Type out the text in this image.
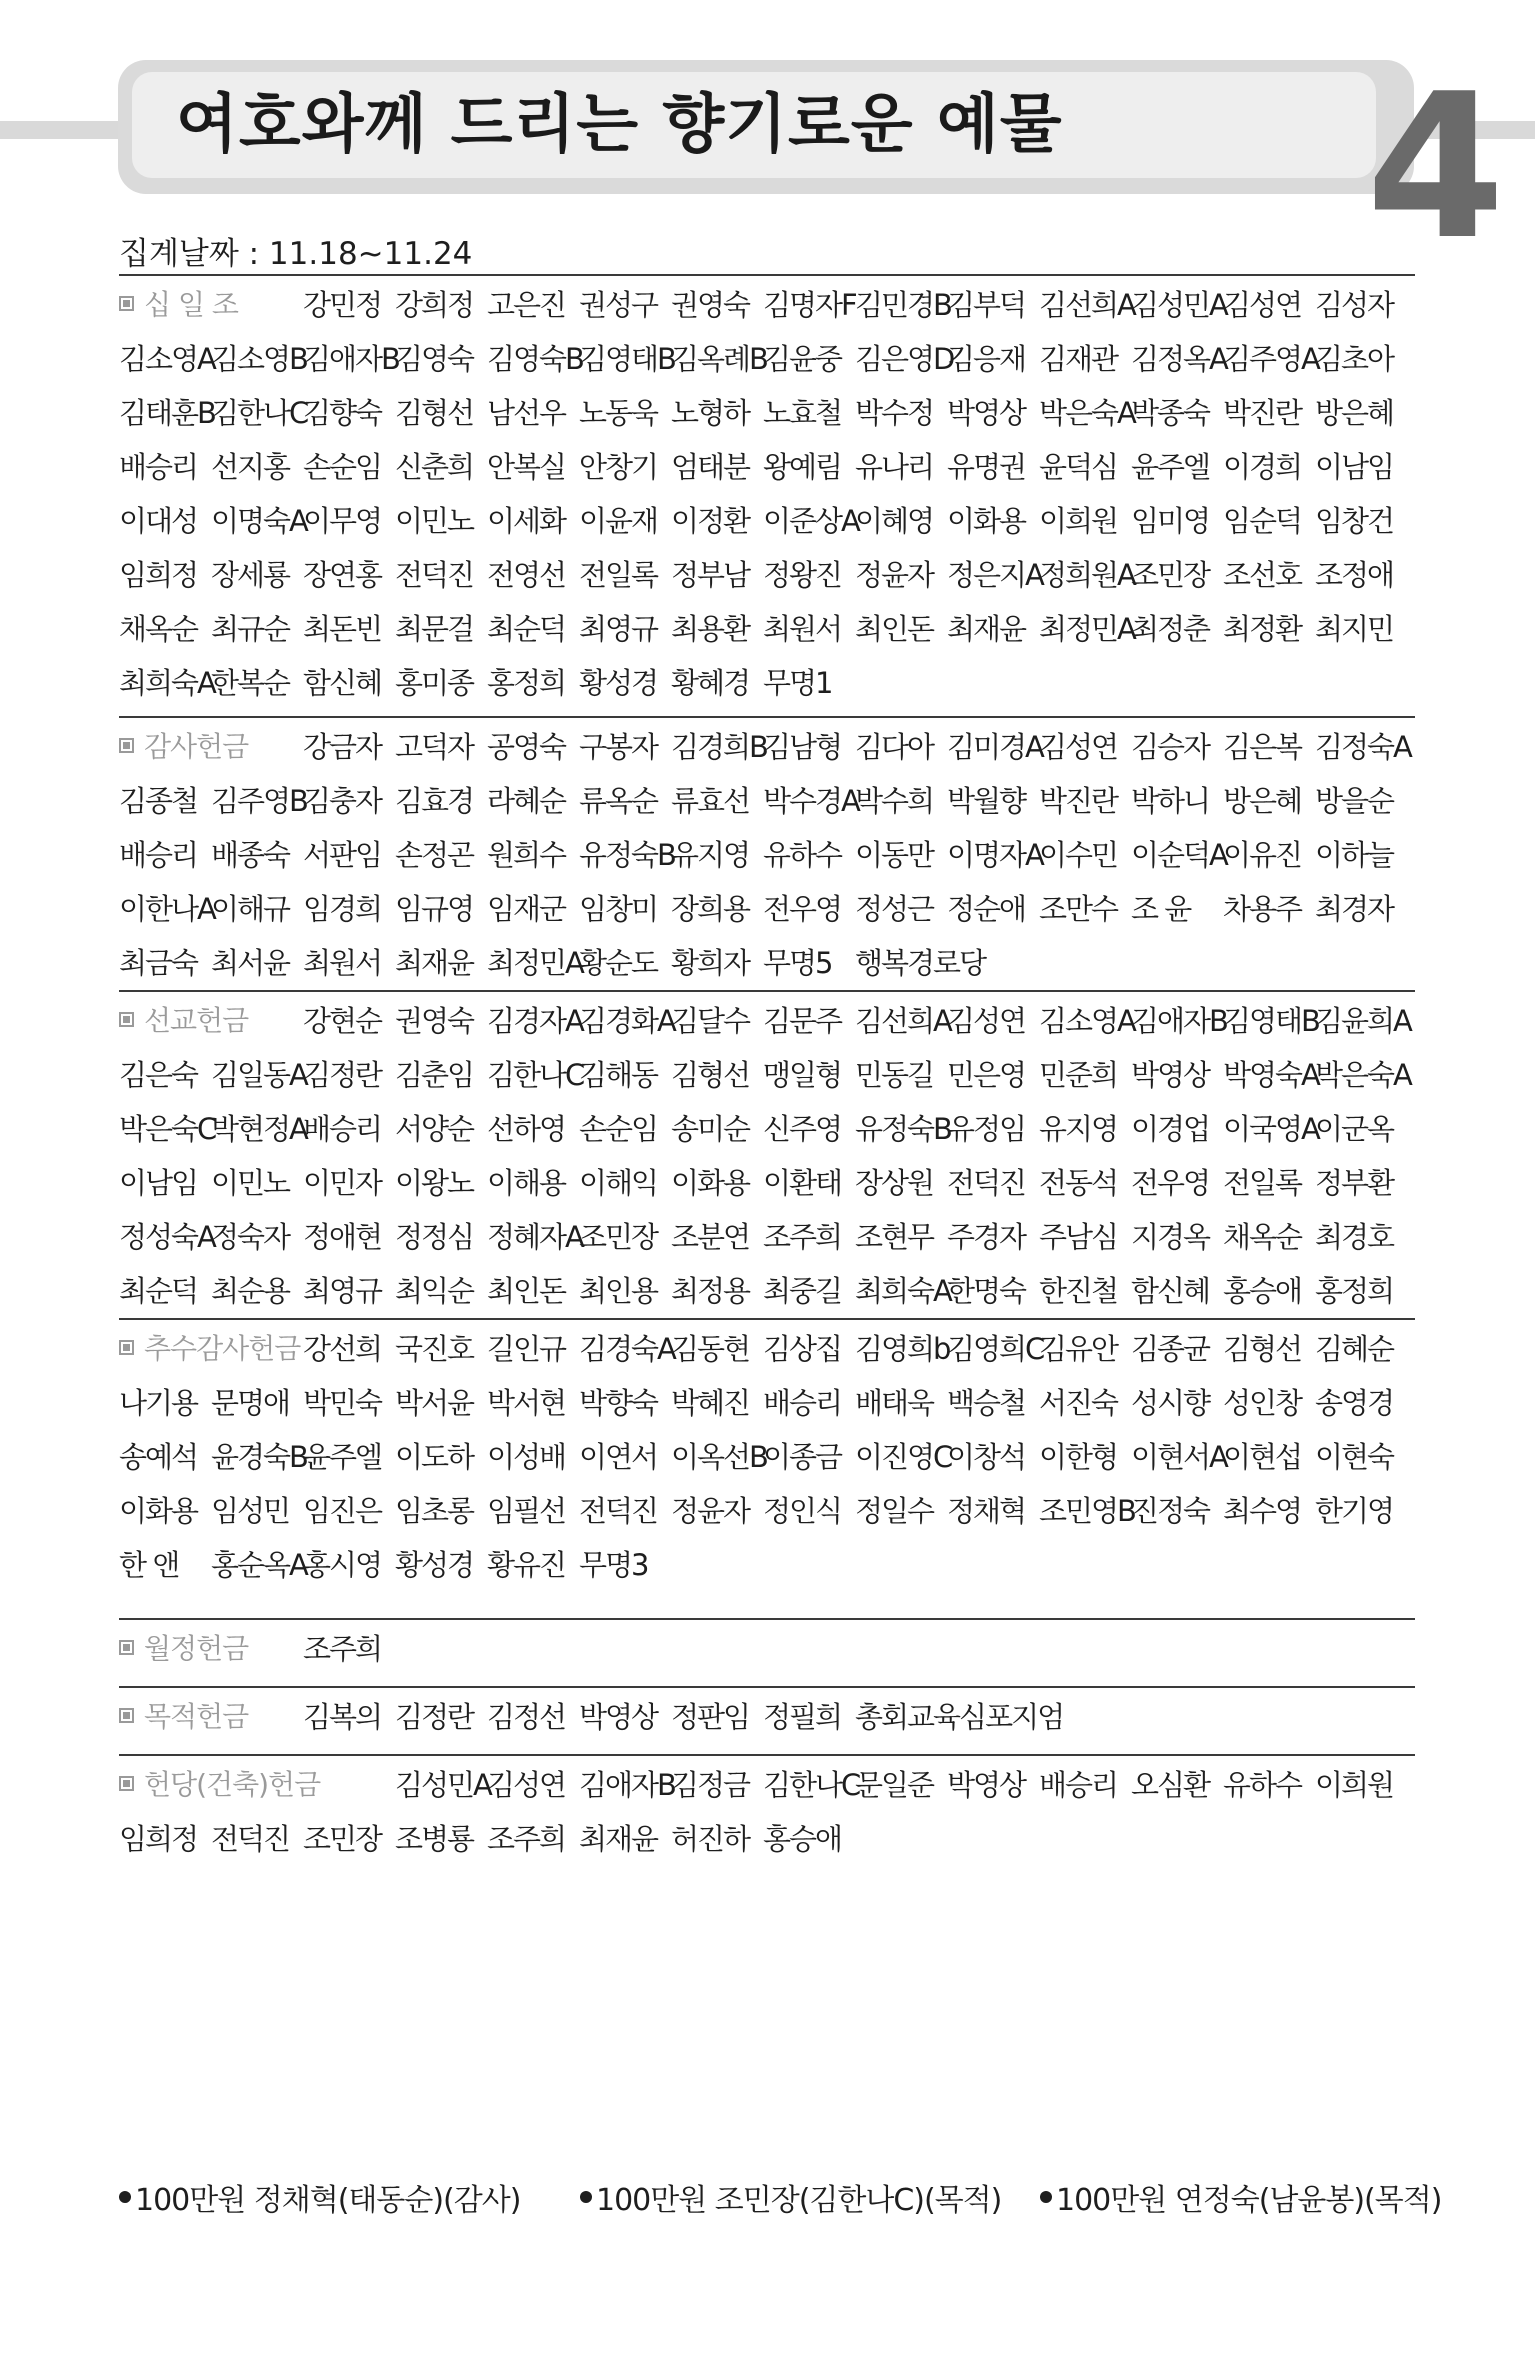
여호와께 드리는 향기로운 예물 4
집계날짜 : 11.18~11.24
십 일 조 강민정 강희정 고은진 권성구 권영숙 김명자F 김민경B
김부덕 김선희A
김성민A
김성연 김성자
김소영A
김소영B
김애자B
김영숙 김영숙B
김영태B
김옥례B
김윤중 김은영D
김응재 김재관 김정옥A
김주영A
김초아
김태훈B
김한나C
김향숙 김형선 남선우 노동욱 노형하 노효철 박수정 박영상 박은숙A
박종숙 박진란 방은혜
배승리 선지홍 손순임 신춘희 안복실 안창기 엄태분 왕예림 유나리 유명권 윤덕심 윤주엘 이경희 이남임
이대성 이명숙A
이무영 이민노 이세화 이윤재 이정환 이준상A
이혜영 이화용 이희원 임미영 임순덕 임창건
임희정 장세룡 장연홍 전덕진 전영선 전일록 정부남 정왕진 정윤자 정은지A
정희원A
조민장 조선호 조정애
채옥순 최규순 최돈빈 최문걸 최순덕 최영규 최용환 최원서 최인돈 최재윤 최정민A
최정춘 최정환 최지민
최희숙A
한복순 함신혜 홍미종 홍정희 황성경 황혜경 무명1
감사헌금 강금자 고덕자 공영숙 구봉자 김경희B
김남형 김다아 김미경A
김성연 김승자 김은복 김정숙A
김종철 김주영B
김충자 김효경 라혜순 류옥순 류효선 박수경A
박수희 박월향 박진란 박하니 방은혜 방을순
배승리 배종숙 서판임 손정곤 원희수 유정숙B
유지영 유하수 이동만 이명자A
이수민 이순덕A
이유진 이하늘
이한나A
이해규 임경희 임규영 임재군 임창미 장희용 전우영 정성근 정순애 조만수 조 윤	차용주 최경자
최금숙 최서윤 최원서 최재윤 최정민A
황순도 황희자 무명5 행복경로당
선교헌금 강현순 권영숙 김경자A
김경화A
김달수 김문주 김선희A
김성연 김소영A
김애자B
김영태B
김윤희A
김은숙 김일동A
김정란 김춘임 김한나C
김해동 김형선 맹일형 민동길 민은영 민준희 박영상 박영숙A
박은숙A
박은숙C
박현정A
배승리 서양순 선하영 손순임 송미순 신주영 유정숙B
유정임 유지영 이경업 이국영A
이군옥
이남임 이민노 이민자 이왕노 이해용 이해익 이화용 이환태 장상원 전덕진 전동석 전우영 전일록 정부환
정성숙A
정숙자 정애현 정정심 정혜자A
조민장 조분연 조주희 조현무 주경자 주남심 지경옥 채옥순 최경호
최순덕 최순용 최영규 최익순 최인돈 최인용 최정용 최중길 최희숙A
한명숙 한진철 함신혜 홍승애 홍정희
추수감사헌금 강선희 국진호 길인규 김경숙A
김동현 김상집 김영희b
김영희C
김유안 김종균 김형선 김혜순
나기용 문명애 박민숙 박서윤 박서현 박향숙 박혜진 배승리 배태욱 백승철 서진숙 성시향 성인창 송영경
송예석 윤경숙B
윤주엘 이도하 이성배 이연서 이옥선B
이종금 이진영C
이창석 이한형 이현서A
이현섭 이현숙
이화용 임성민 임진은 임초롱 임필선 전덕진 정윤자 정인식 정일수 정채혁 조민영B
진정숙 최수영 한기영
한 앤	홍순옥A
홍시영 황성경 황유진 무명3
월정헌금 조주희
목적헌금 김복의 김정란 김정선 박영상 정판임 정필희 총회교육심포지엄
헌당(건축)헌금	김성민A
김성연 김애자B
김정금 김한나C
문일준 박영상 배승리 오심환 유하수 이희원
임희정 전덕진 조민장 조병룡 조주희 최재윤 허진하 홍승애
100만원 정채혁(태동순)(감사)	100만원 조민장(김한나C)(목적) 100만원 연정숙(남윤봉)(목적)
